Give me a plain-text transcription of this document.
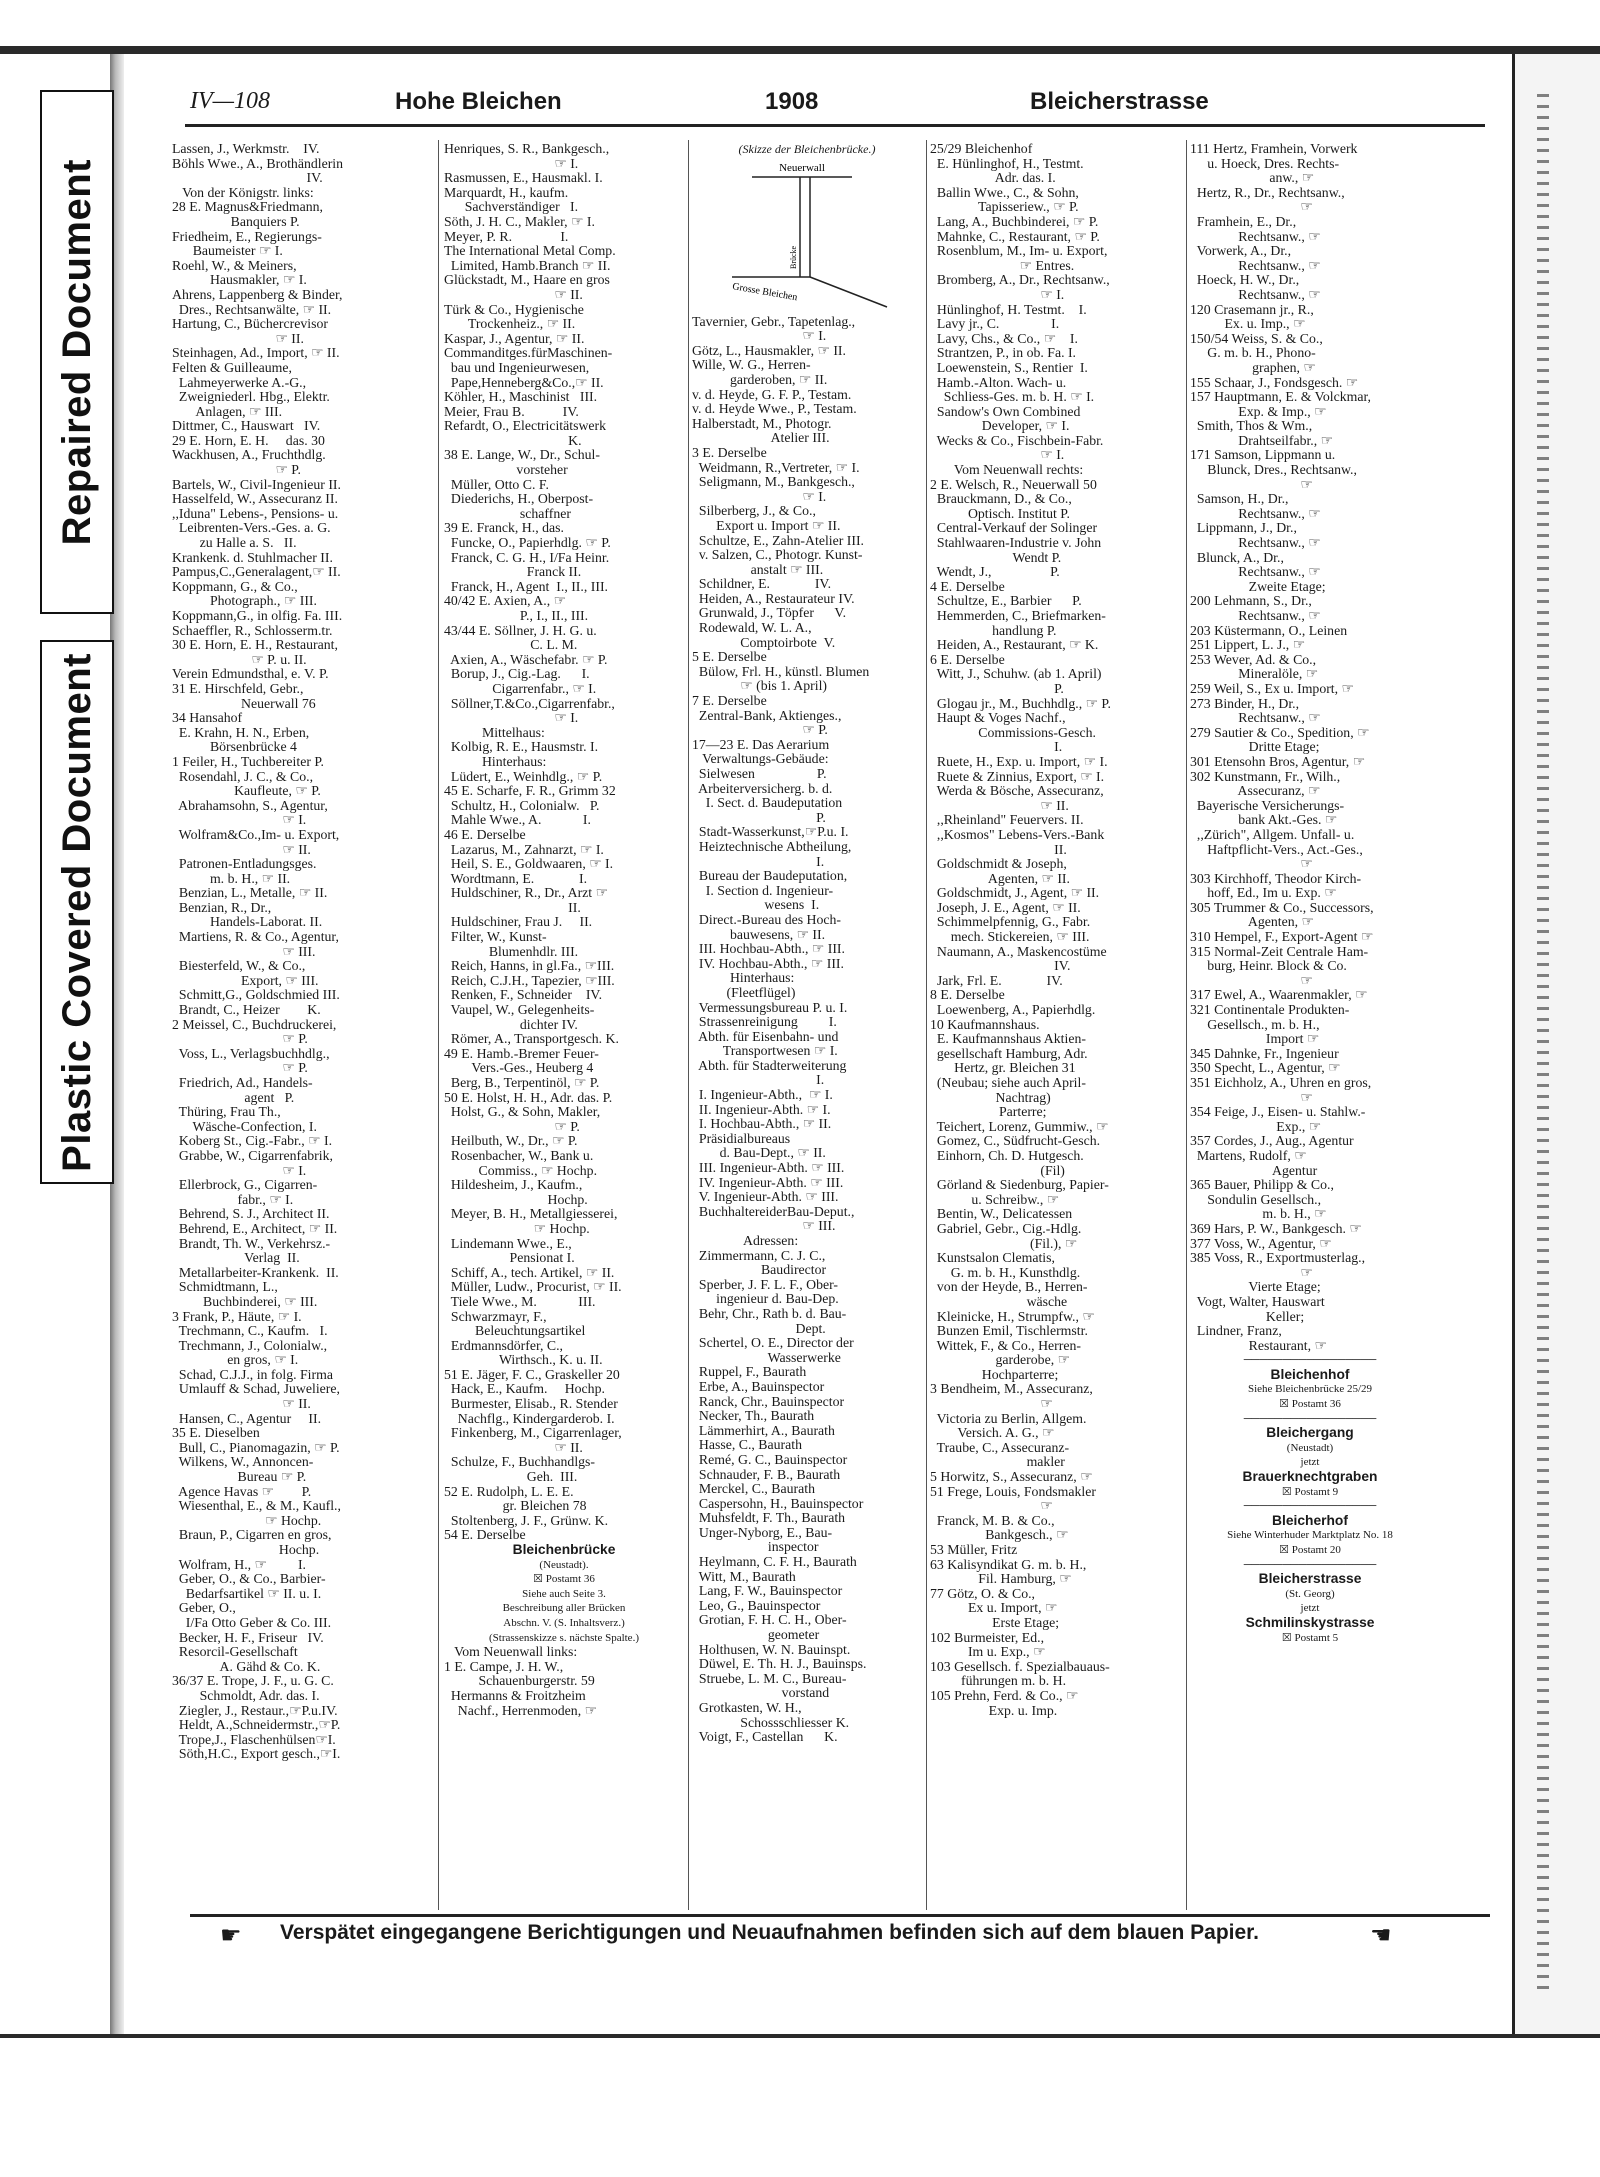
Repaired Document
Plastic Covered Document
IV—108	Hohe Bleichen	1908	Bleicherstrasse
Lassen, J., Werkmstr.    IV.
Böhls Wwe., A., Brothändlerin
IV.
Von der Königstr. links:
28 E. Magnus&Friedmann,
Banquiers P.
Friedheim, E., Regierungs-
Baumeister ☞ I.
Roehl, W., & Meiners,
Hausmakler, ☞ I.
Ahrens, Lappenberg & Binder,
Dres., Rechtsanwälte, ☞ II.
Hartung, C., Büchercrevisor
☞ II.
Steinhagen, Ad., Import, ☞ II.
Felten & Guilleaume,
Lahmeyerwerke A.-G.,
Zweigniederl. Hbg., Elektr.
Anlagen, ☞ III.
Dittmer, C., Hauswart   IV.
29 E. Horn, E. H.     das. 30
Wackhusen, A., Fruchthdlg.
☞ P.
Bartels, W., Civil-Ingenieur II.
Hasselfeld, W., Assecuranz II.
,,Iduna" Lebens-, Pensions- u.
Leibrenten-Vers.-Ges. a. G.
zu Halle a. S.   II.
Krankenk. d. Stuhlmacher II.
Pampus,C.,Generalagent,☞ II.
Koppmann, G., & Co.,
Photograph., ☞ III.
Koppmann,G., in olfig. Fa. III.
Schaeffler, R., Schlosserm.tr.
30 E. Horn, E. H., Restaurant,
☞ P. u. II.
Verein Edmundsthal, e. V. P.
31 E. Hirschfeld, Gebr.,
Neuerwall 76
34 Hansahof
E. Krahn, H. N., Erben,
Börsenbrücke 4
1 Feiler, H., Tuchbereiter P.
Rosendahl, J. C., & Co.,
Kaufleute, ☞ P.
Abrahamsohn, S., Agentur,
☞ I.
Wolfram&Co.,Im- u. Export,
☞ II.
Patronen-Entladungsges.
m. b. H., ☞ II.
Benzian, L., Metalle, ☞ II.
Benzian, R., Dr.,
Handels-Laborat. II.
Martiens, R. & Co., Agentur,
☞ III.
Biesterfeld, W., & Co.,
Export, ☞ III.
Schmitt,G., Goldschmied III.
Brandt, C., Heizer        K.
2 Meissel, C., Buchdruckerei,
☞ P.
Voss, L., Verlagsbuchhdlg.,
☞ P.
Friedrich, Ad., Handels-
agent   P.
Thüring, Frau Th.,
Wäsche-Confection, I.
Koberg St., Cig.-Fabr., ☞ I.
Grabbe, W., Cigarrenfabrik,
☞ I.
Ellerbrock, G., Cigarren-
fabr., ☞ I.
Behrend, S. J., Architect II.
Behrend, E., Architect, ☞ II.
Brandt, Th. W., Verkehrsz.-
Verlag  II.
Metallarbeiter-Krankenk.  II.
Schmidtmann, L.,
Buchbinderei, ☞ III.
3 Frank, P., Häute, ☞ I.
Trechmann, C., Kaufm.   I.
Trechmann, J., Colonialw.,
en gros, ☞ I.
Schad, C.J.J., in folg. Firma
Umlauff & Schad, Juweliere,
☞ II.
Hansen, C., Agentur     II.
35 E. Dieselben
Bull, C., Pianomagazin, ☞ P.
Wilkens, W., Annoncen-
Bureau ☞ P.
Agence Havas ☞        P.
Wiesenthal, E., & M., Kaufl.,
☞ Hochp.
Braun, P., Cigarren en gros,
Hochp.
Wolfram, H., ☞         I.
Geber, O., & Co., Barbier-
Bedarfsartikel ☞ II. u. I.
Geber, O.,
I/Fa Otto Geber & Co. III.
Becker, H. F., Friseur   IV.
Resorcil-Gesellschaft
A. Gähd & Co. K.
36/37 E. Trope, J. F., u. G. C.
Schmoldt, Adr. das. I.
Ziegler, J., Restaur.,☞P.u.IV.
Heldt, A.,Schneidermstr.,☞P.
Trope,J., Flaschenhülsen☞I.
Söth,H.C., Export gesch.,☞I.
Henriques, S. R., Bankgesch.,
☞ I.
Rasmussen, E., Hausmakl. I.
Marquardt, H., kaufm.
Sachverständiger   I.
Söth, J. H. C., Makler, ☞ I.
Meyer, P. R.              I.
The International Metal Comp.
Limited, Hamb.Branch ☞ II.
Glückstadt, M., Haare en gros
☞ II.
Türk & Co., Hygienische
Trockenheiz., ☞ II.
Kaspar, J., Agentur, ☞ II.
Commanditges.fürMaschinen-
bau und Ingenieurwesen,
Pape,Henneberg&Co.,☞ II.
Köhler, H., Maschinist   III.
Meier, Frau B.           IV.
Refardt, O., Electricitätswerk
K.
38 E. Lange, W., Dr., Schul-
vorsteher
Müller, Otto C. F.
Diederichs, H., Oberpost-
schaffner
39 E. Franck, H., das.
Funcke, O., Papierhdlg. ☞ P.
Franck, C. G. H., I/Fa Heinr.
Franck II.
Franck, H., Agent  I., II., III.
40/42 E. Axien, A., ☞
P., I., II., III.
43/44 E. Söllner, J. H. G. u.
C. L. M.
Axien, A., Wäschefabr. ☞ P.
Borup, J., Cig.-Lag.      I.
Cigarrenfabr., ☞ I.
Söllner,T.&Co.,Cigarrenfabr.,
☞ I.
Mittelhaus:
Kolbig, R. E., Hausmstr. I.
Hinterhaus:
Lüdert, E., Weinhdlg., ☞ P.
45 E. Scharfe, F. R., Grimm 32
Schultz, H., Colonialw.   P.
Mahle Wwe., A.            I.
46 E. Derselbe
Lazarus, M., Zahnarzt, ☞ I.
Heil, S. E., Goldwaaren, ☞ I.
Wordtmann, E.             I.
Huldschiner, R., Dr., Arzt ☞
II.
Huldschiner, Frau J.     II.
Filter, W., Kunst-
Blumenhdlr. III.
Reich, Hanns, in gl.Fa., ☞III.
Reich, C.J.H., Tapezier, ☞III.
Renken, F., Schneider    IV.
Vaupel, W., Gelegenheits-
dichter IV.
Römer, A., Transportgesch. K.
49 E. Hamb.-Bremer Feuer-
Vers.-Ges., Heuberg 4
Berg, B., Terpentinöl, ☞ P.
50 E. Holst, H. H., Adr. das. P.
Holst, G., & Sohn, Makler,
☞ P.
Heilbuth, W., Dr., ☞ P.
Rosenbacher, W., Bank u.
Commiss., ☞ Hochp.
Hildesheim, J., Kaufm.,
Hochp.
Meyer, B. H., Metallgiesserei,
☞ Hochp.
Lindemann Wwe., E.,
Pensionat I.
Schiff, A., tech. Artikel, ☞ II.
Müller, Ludw., Procurist, ☞ II.
Tiele Wwe., M.            III.
Schwarzmayr, F.,
Beleuchtungsartikel
Erdmannsdörfer, C.,
Wirthsch., K. u. II.
51 E. Jäger, F. C., Graskeller 20
Hack, E., Kaufm.     Hochp.
Burmester, Elisab., R. Stender
Nachflg., Kindergarderob. I.
Finkenberg, M., Cigarrenlager,
☞ II.
Schulze, F., Buchhandlgs-
Geh.  III.
52 E. Rudolph, L. E. E.
gr. Bleichen 78
Stoltenberg, J. F., Grünw. K.
54 E. Derselbe
Bleichenbrücke
(Neustadt).
☒ Postamt 36
Siehe auch Seite 3.
Beschreibung aller Brücken
Abschn. V. (S. Inhaltsverz.)
(Strassenskizze s. nächste Spalte.)
Vom Neuenwall links:
1 E. Campe, J. H. W.,
Schauenburgerstr. 59
Hermanns & Froitzheim
Nachf., Herrenmoden, ☞
(Skizze der Bleichenbrücke.)
Neuerwall
Brücke
Grosse Bleichen
Tavernier, Gebr., Tapetenlag.,
☞ I.
Götz, L., Hausmakler, ☞ II.
Wille, W. G., Herren-
garderoben, ☞ II.
v. d. Heyde, G. F. P., Testam.
v. d. Heyde Wwe., P., Testam.
Halberstadt, M., Photogr.
Atelier III.
3 E. Derselbe
Weidmann, R.,Vertreter, ☞ I.
Seligmann, M., Bankgesch.,
☞ I.
Silberberg, J., & Co.,
Export u. Import ☞ II.
Schultze, E., Zahn-Atelier III.
v. Salzen, C., Photogr. Kunst-
anstalt ☞ III.
Schildner, E.             IV.
Heiden, A., Restaurateur IV.
Grunwald, J., Töpfer      V.
Rodewald, W. L. A.,
Comptoirbote  V.
5 E. Derselbe
Bülow, Frl. H., künstl. Blumen
☞ (bis 1. April)
7 E. Derselbe
Zentral-Bank, Aktienges.,
☞ P.
17—23 E. Das Aerarium
Verwaltungs-Gebäude:
Sielwesen                  P.
Arbeiterversicherg. b. d.
I. Sect. d. Baudeputation
P.
Stadt-Wasserkunst,☞P.u. I.
Heiztechnische Abtheilung,
I.
Bureau der Baudeputation,
I. Section d. Ingenieur-
wesens  I.
Direct.-Bureau des Hoch-
bauwesens, ☞ II.
III. Hochbau-Abth., ☞ III.
IV. Hochbau-Abth., ☞ III.
Hinterhaus:
(Fleetflügel)
Vermessungsbureau P. u. I.
Strassenreinigung         I.
Abth. für Eisenbahn- und
Transportwesen ☞ I.
Abth. für Stadterweiterung
I.
I. Ingenieur-Abth.,  ☞ I.
II. Ingenieur-Abth. ☞ I.
I. Hochbau-Abth., ☞ II.
Präsidialbureaus
d. Bau-Dept., ☞ II.
III. Ingenieur-Abth. ☞ III.
IV. Ingenieur-Abth. ☞ III.
V. Ingenieur-Abth. ☞ III.
BuchhaltereiderBau-Deput.,
☞ III.
Adressen:
Zimmermann, C. J. C.,
Baudirector
Sperber, J. F. L. F., Ober-
ingenieur d. Bau-Dep.
Behr, Chr., Rath b. d. Bau-
Dept.
Schertel, O. E., Director der
Wasserwerke
Ruppel, F., Baurath
Erbe, A., Bauinspector
Ranck, Chr., Bauinspector
Necker, Th., Baurath
Lämmerhirt, A., Baurath
Hasse, C., Baurath
Remé, G. C., Bauinspector
Schnauder, F. B., Baurath
Merckel, C., Baurath
Caspersohn, H., Bauinspector
Muhsfeldt, F. Th., Baurath
Unger-Nyborg, E., Bau-
inspector
Heylmann, C. F. H., Baurath
Witt, M., Baurath
Lang, F. W., Bauinspector
Leo, G., Bauinspector
Grotian, F. H. C. H., Ober-
geometer
Holthusen, W. N. Bauinspt.
Düwel, E. Th. H. J., Bauinsps.
Struebe, L. M. C., Bureau-
vorstand
Grotkasten, W. H.,
Schossschliesser K.
Voigt, F., Castellan      K.
25/29 Bleichenhof
E. Hünlinghof, H., Testmt.
Adr. das. I.
Ballin Wwe., C., & Sohn,
Tapisseriew., ☞ P.
Lang, A., Buchbinderei, ☞ P.
Mahnke, C., Restaurant, ☞ P.
Rosenblum, M., Im- u. Export,
☞ Entres.
Bromberg, A., Dr., Rechtsanw.,
☞ I.
Hünlinghof, H. Testmt.    I.
Lavy jr., C.               I.
Lavy, Chs., & Co., ☞    I.
Strantzen, P., in ob. Fa. I.
Loewenstein, S., Rentier  I.
Hamb.-Alton. Wach- u.
Schliess-Ges. m. b. H. ☞ I.
Sandow's Own Combined
Developer, ☞ I.
Wecks & Co., Fischbein-Fabr.
☞ I.
Vom Neuenwall rechts:
2 E. Welsch, R., Neuerwall 50
Brauckmann, D., & Co.,
Optisch. Institut P.
Central-Verkauf der Solinger
Stahlwaaren-Industrie v. John
Wendt P.
Wendt, J.,                 P.
4 E. Derselbe
Schultze, E., Barbier      P.
Hemmerden, C., Briefmarken-
handlung P.
Heiden, A., Restaurant, ☞ K.
6 E. Derselbe
Witt, J., Schuhw. (ab 1. April)
P.
Glogau jr., M., Buchhdlg., ☞ P.
Haupt & Voges Nachf.,
Commissions-Gesch.
I.
Ruete, H., Exp. u. Import, ☞ I.
Ruete & Zinnius, Export, ☞ I.
Werda & Bösche, Assecuranz,
☞ II.
,,Rheinland" Feuervers. II.
,,Kosmos" Lebens-Vers.-Bank
II.
Goldschmidt & Joseph,
Agenten, ☞ II.
Goldschmidt, J., Agent, ☞ II.
Joseph, J. E., Agent, ☞ II.
Schimmelpfennig, G., Fabr.
mech. Stickereien, ☞ III.
Naumann, A., Maskencostüme
IV.
Jark, Frl. E.             IV.
8 E. Derselbe
Loewenberg, A., Papierhdlg.
10 Kaufmannshaus.
E. Kaufmannshaus Aktien-
gesellschaft Hamburg, Adr.
Hertz, gr. Bleichen 31
(Neubau; siehe auch April-
Nachtrag)
Parterre;
Teichert, Lorenz, Gummiw., ☞
Gomez, C., Südfrucht-Gesch.
Einhorn, Ch. D. Hutgesch.
(Fil)
Görland & Siedenburg, Papier-
u. Schreibw., ☞
Bentin, W., Delicatessen
Gabriel, Gebr., Cig.-Hdlg.
(Fil.), ☞
Kunstsalon Clematis,
G. m. b. H., Kunsthdlg.
von der Heyde, B., Herren-
wäsche
Kleinicke, H., Strumpfw., ☞
Bunzen Emil, Tischlermstr.
Wittek, F., & Co., Herren-
garderobe, ☞
Hochparterre;
3 Bendheim, M., Assecuranz,
☞
Victoria zu Berlin, Allgem.
Versich. A. G., ☞
Traube, C., Assecuranz-
makler
5 Horwitz, S., Assecuranz, ☞
51 Frege, Louis, Fondsmakler
☞
Franck, M. B. & Co.,
Bankgesch., ☞
53 Müller, Fritz
63 Kalisyndikat G. m. b. H.,
Fil. Hamburg, ☞
77 Götz, O. & Co.,
Ex u. Import, ☞
Erste Etage;
102 Burmeister, Ed.,
Im u. Exp., ☞
103 Gesellsch. f. Spezialbauaus-
führungen m. b. H.
105 Prehn, Ferd. & Co., ☞
Exp. u. Imp.
111 Hertz, Framhein, Vorwerk
u. Hoeck, Dres. Rechts-
anw., ☞
Hertz, R., Dr., Rechtsanw.,
☞
Framhein, E., Dr.,
Rechtsanw., ☞
Vorwerk, A., Dr.,
Rechtsanw., ☞
Hoeck, H. W., Dr.,
Rechtsanw., ☞
120 Crasemann jr., R.,
Ex. u. Imp., ☞
150/54 Weiss, S. & Co.,
G. m. b. H., Phono-
graphen, ☞
155 Schaar, J., Fondsgesch. ☞
157 Hauptmann, E. & Volckmar,
Exp. & Imp., ☞
Smith, Thos & Wm.,
Drahtseilfabr., ☞
171 Samson, Lippmann u.
Blunck, Dres., Rechtsanw.,
☞
Samson, H., Dr.,
Rechtsanw., ☞
Lippmann, J., Dr.,
Rechtsanw., ☞
Blunck, A., Dr.,
Rechtsanw., ☞
Zweite Etage;
200 Lehmann, S., Dr.,
Rechtsanw., ☞
203 Küstermann, O., Leinen
251 Lippert, L. J., ☞
253 Wever, Ad. & Co.,
Mineralöle, ☞
259 Weil, S., Ex u. Import, ☞
273 Binder, H., Dr.,
Rechtsanw., ☞
279 Sautier & Co., Spedition, ☞
Dritte Etage;
301 Etensohn Bros, Agentur, ☞
302 Kunstmann, Fr., Wilh.,
Assecuranz, ☞
Bayerische Versicherungs-
bank Akt.-Ges. ☞
,,Zürich", Allgem. Unfall- u.
Haftpflicht-Vers., Act.-Ges.,
☞
303 Kirchhoff, Theodor Kirch-
hoff, Ed., Im u. Exp. ☞
305 Trummer & Co., Successors,
Agenten, ☞
310 Hempel, F., Export-Agent ☞
315 Normal-Zeit Centrale Ham-
burg, Heinr. Block & Co.
☞
317 Ewel, A., Waarenmakler, ☞
321 Continentale Produkten-
Gesellsch., m. b. H.,
Import ☞
345 Dahnke, Fr., Ingenieur
350 Specht, L., Agentur, ☞
351 Eichholz, A., Uhren en gros,
☞
354 Feige, J., Eisen- u. Stahlw.-
Exp., ☞
357 Cordes, J., Aug., Agentur
Martens, Rudolf, ☞
Agentur
365 Bauer, Philipp & Co.,
Sondulin Gesellsch.,
m. b. H., ☞
369 Hars, P. W., Bankgesch. ☞
377 Voss, W., Agentur, ☞
385 Voss, R., Exportmusterlag.,
☞
Vierte Etage;
Vogt, Walter, Hauswart
Keller;
Lindner, Franz,
Restaurant, ☞
─────────────────
Bleichenhof
Siehe Bleichenbrücke 25/29
☒ Postamt 36
─────────────────
Bleichergang
(Neustadt)
jetzt
Brauerknechtgraben
☒ Postamt 9
─────────────────
Bleicherhof
Siehe Winterhuder Marktplatz No. 18
☒ Postamt 20
─────────────────
Bleicherstrasse
(St. Georg)
jetzt
Schmilinskystrasse
☒ Postamt 5
☛ Verspätet eingegangene Berichtigungen und Neuaufnahmen befinden sich auf dem blauen Papier.	☚
